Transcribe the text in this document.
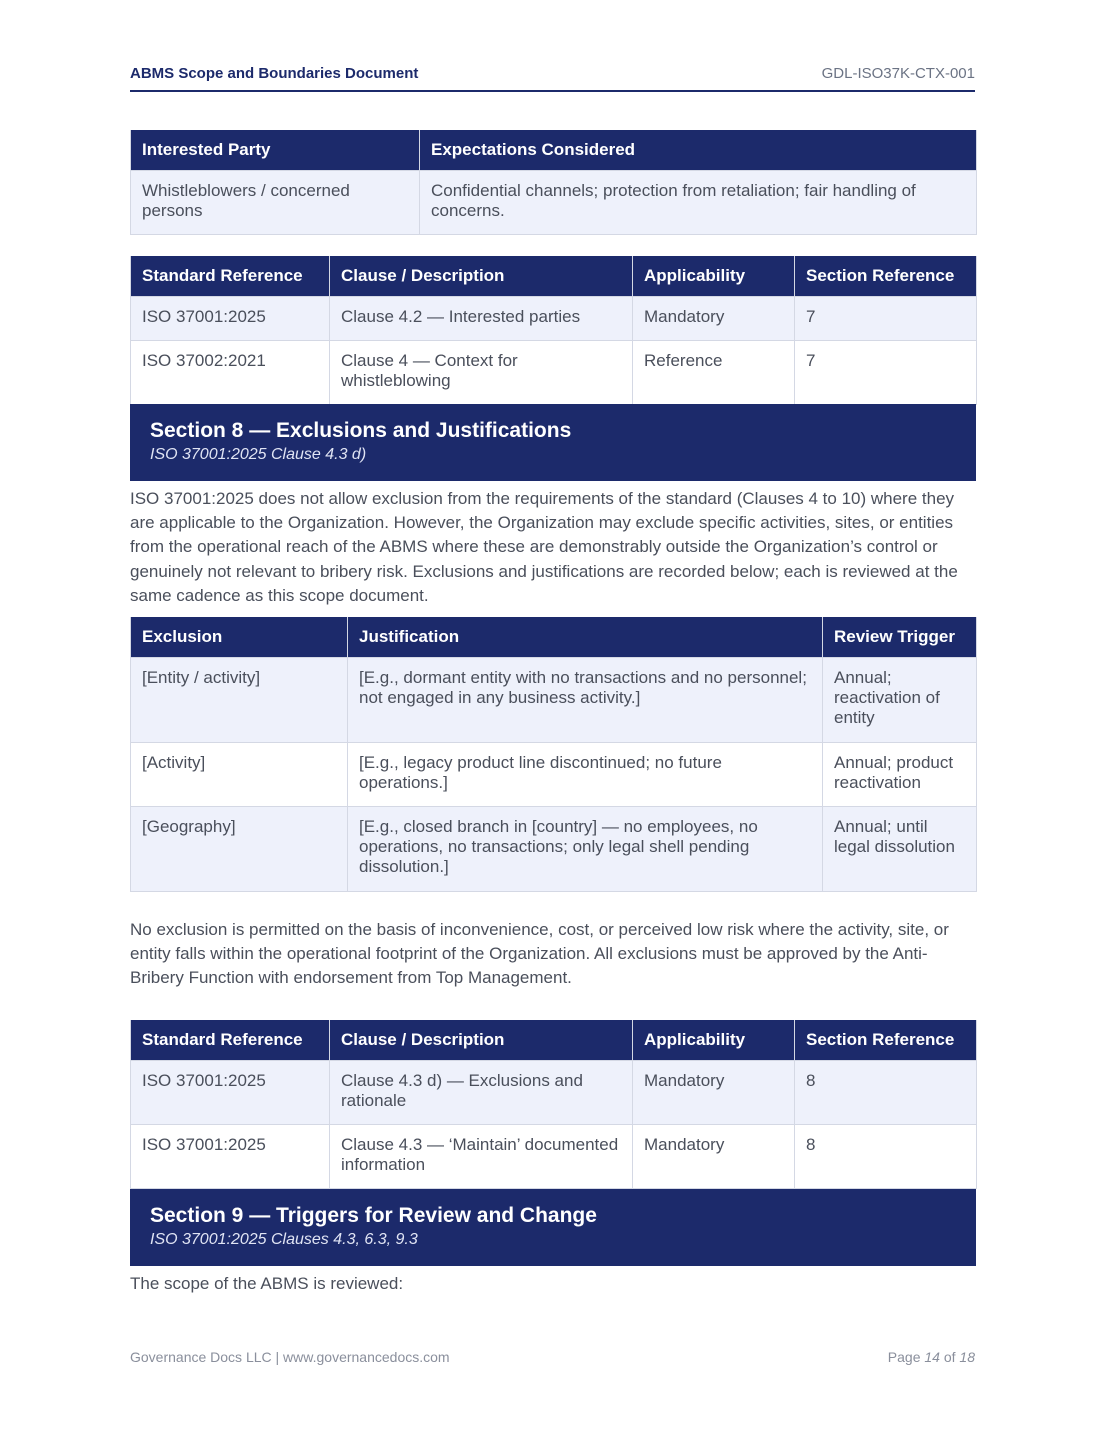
ABMS Scope and Boundaries Document	GDL-ISO37K-CTX-001
Interested Party	Expectations Considered
Whistleblowers / concerned persons	Confidential channels; protection from retaliation; fair handling of concerns.
Standard Reference	Clause / Description	Applicability	Section Reference
ISO 37001:2025	Clause 4.2 — Interested parties	Mandatory	7
ISO 37002:2021	Clause 4 — Context for whistleblowing	Reference	7
Section 8 — Exclusions and Justifications
ISO 37001:2025 Clause 4.3 d)

ISO 37001:2025 does not allow exclusion from the requirements of the standard (Clauses 4 to 10) where they are applicable to the Organization. However, the Organization may exclude specific activities, sites, or entities from the operational reach of the ABMS where these are demonstrably outside the Organization’s control or genuinely not relevant to bribery risk. Exclusions and justifications are recorded below; each is reviewed at the same cadence as this scope document.

Exclusion	Justification	Review Trigger
[Entity / activity]	[E.g., dormant entity with no transactions and no personnel; not engaged in any business activity.]	Annual; reactivation of entity
[Activity]	[E.g., legacy product line discontinued; no future operations.]	Annual; product reactivation
[Geography]	[E.g., closed branch in [country] — no employees, no operations, no transactions; only legal shell pending dissolution.]	Annual; until legal dissolution

No exclusion is permitted on the basis of inconvenience, cost, or perceived low risk where the activity, site, or entity falls within the operational footprint of the Organization. All exclusions must be approved by the Anti-Bribery Function with endorsement from Top Management.

Standard Reference	Clause / Description	Applicability	Section Reference
ISO 37001:2025	Clause 4.3 d) — Exclusions and rationale	Mandatory	8
ISO 37001:2025	Clause 4.3 — ‘Maintain’ documented information	Mandatory	8
Section 9 — Triggers for Review and Change
ISO 37001:2025 Clauses 4.3, 6.3, 9.3

The scope of the ABMS is reviewed:

Governance Docs LLC | www.governancedocs.com	Page 14 of 18
